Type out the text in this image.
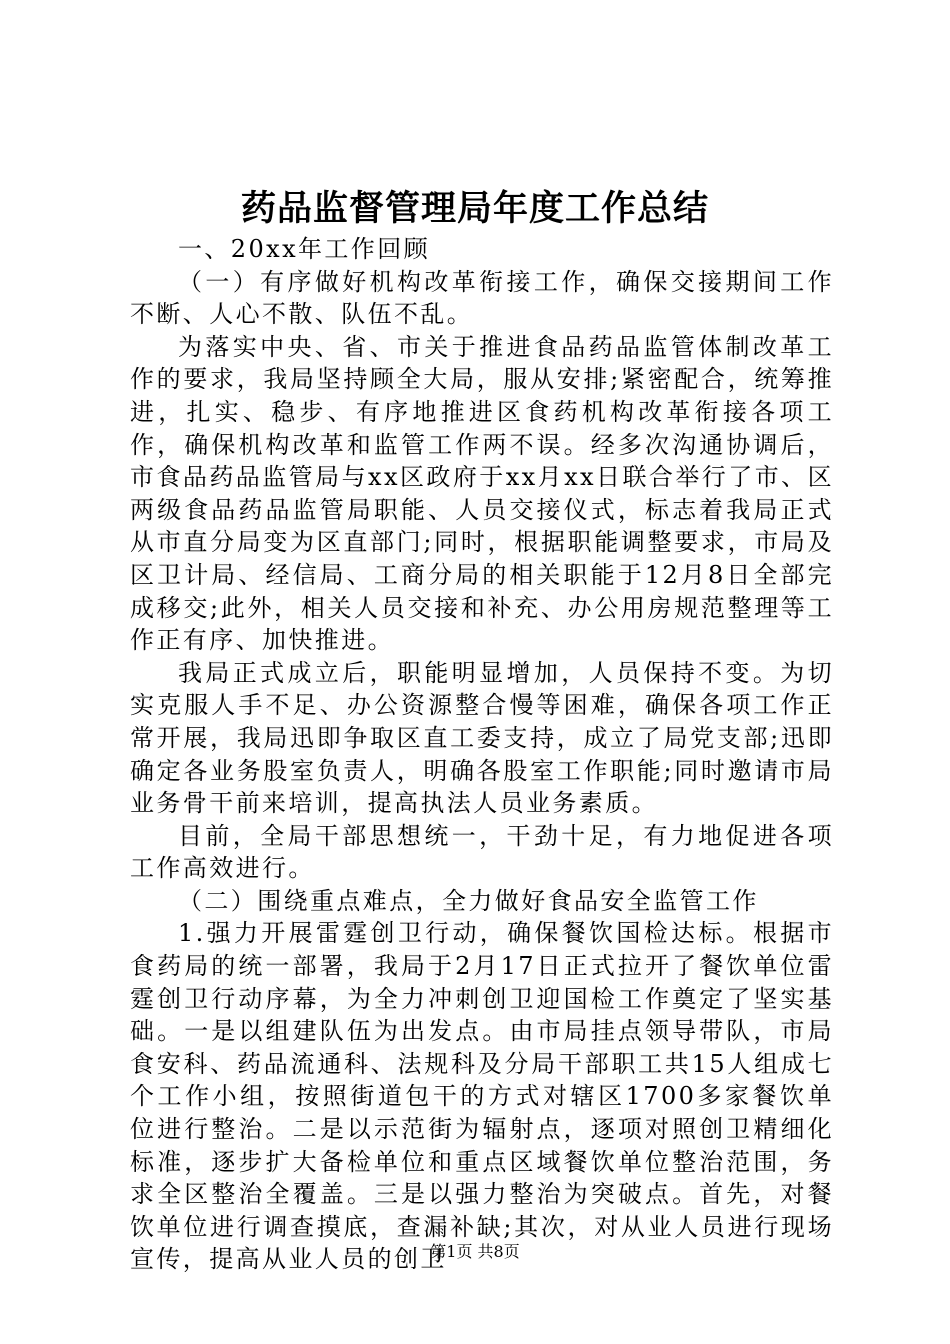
药品监督管理局年度工作总结

一、20xx年工作回顾

（一）有序做好机构改革衔接工作，确保交接期间工作不断、人心不散、队伍不乱。

为落实中央、省、市关于推进食品药品监管体制改革工作的要求，我局坚持顾全大局，服从安排;紧密配合，统筹推进，扎实、稳步、有序地推进区食药机构改革衔接各项工作，确保机构改革和监管工作两不误。经多次沟通协调后，市食品药品监管局与xx区政府于xx月xx日联合举行了市、区两级食品药品监管局职能、人员交接仪式，标志着我局正式从市直分局变为区直部门;同时，根据职能调整要求，市局及区卫计局、经信局、工商分局的相关职能于12月8日全部完成移交;此外，相关人员交接和补充、办公用房规范整理等工作正有序、加快推进。

我局正式成立后，职能明显增加，人员保持不变。为切实克服人手不足、办公资源整合慢等困难，确保各项工作正常开展，我局迅即争取区直工委支持，成立了局党支部;迅即确定各业务股室负责人，明确各股室工作职能;同时邀请市局业务骨干前来培训，提高执法人员业务素质。

目前，全局干部思想统一，干劲十足，有力地促进各项工作高效进行。

（二）围绕重点难点，全力做好食品安全监管工作

1.强力开展雷霆创卫行动，确保餐饮国检达标。根据市食药局的统一部署，我局于2月17日正式拉开了餐饮单位雷霆创卫行动序幕，为全力冲刺创卫迎国检工作奠定了坚实基础。一是以组建队伍为出发点。由市局挂点领导带队，市局食安科、药品流通科、法规科及分局干部职工共15人组成七个工作小组，按照街道包干的方式对辖区1700多家餐饮单位进行整治。二是以示范街为辐射点，逐项对照创卫精细化标准，逐步扩大备检单位和重点区域餐饮单位整治范围，务求全区整治全覆盖。三是以强力整治为突破点。首先，对餐饮单位进行调查摸底，查漏补缺;其次，对从业人员进行现场宣传，提高从业人员的创卫

第1页 共8页
